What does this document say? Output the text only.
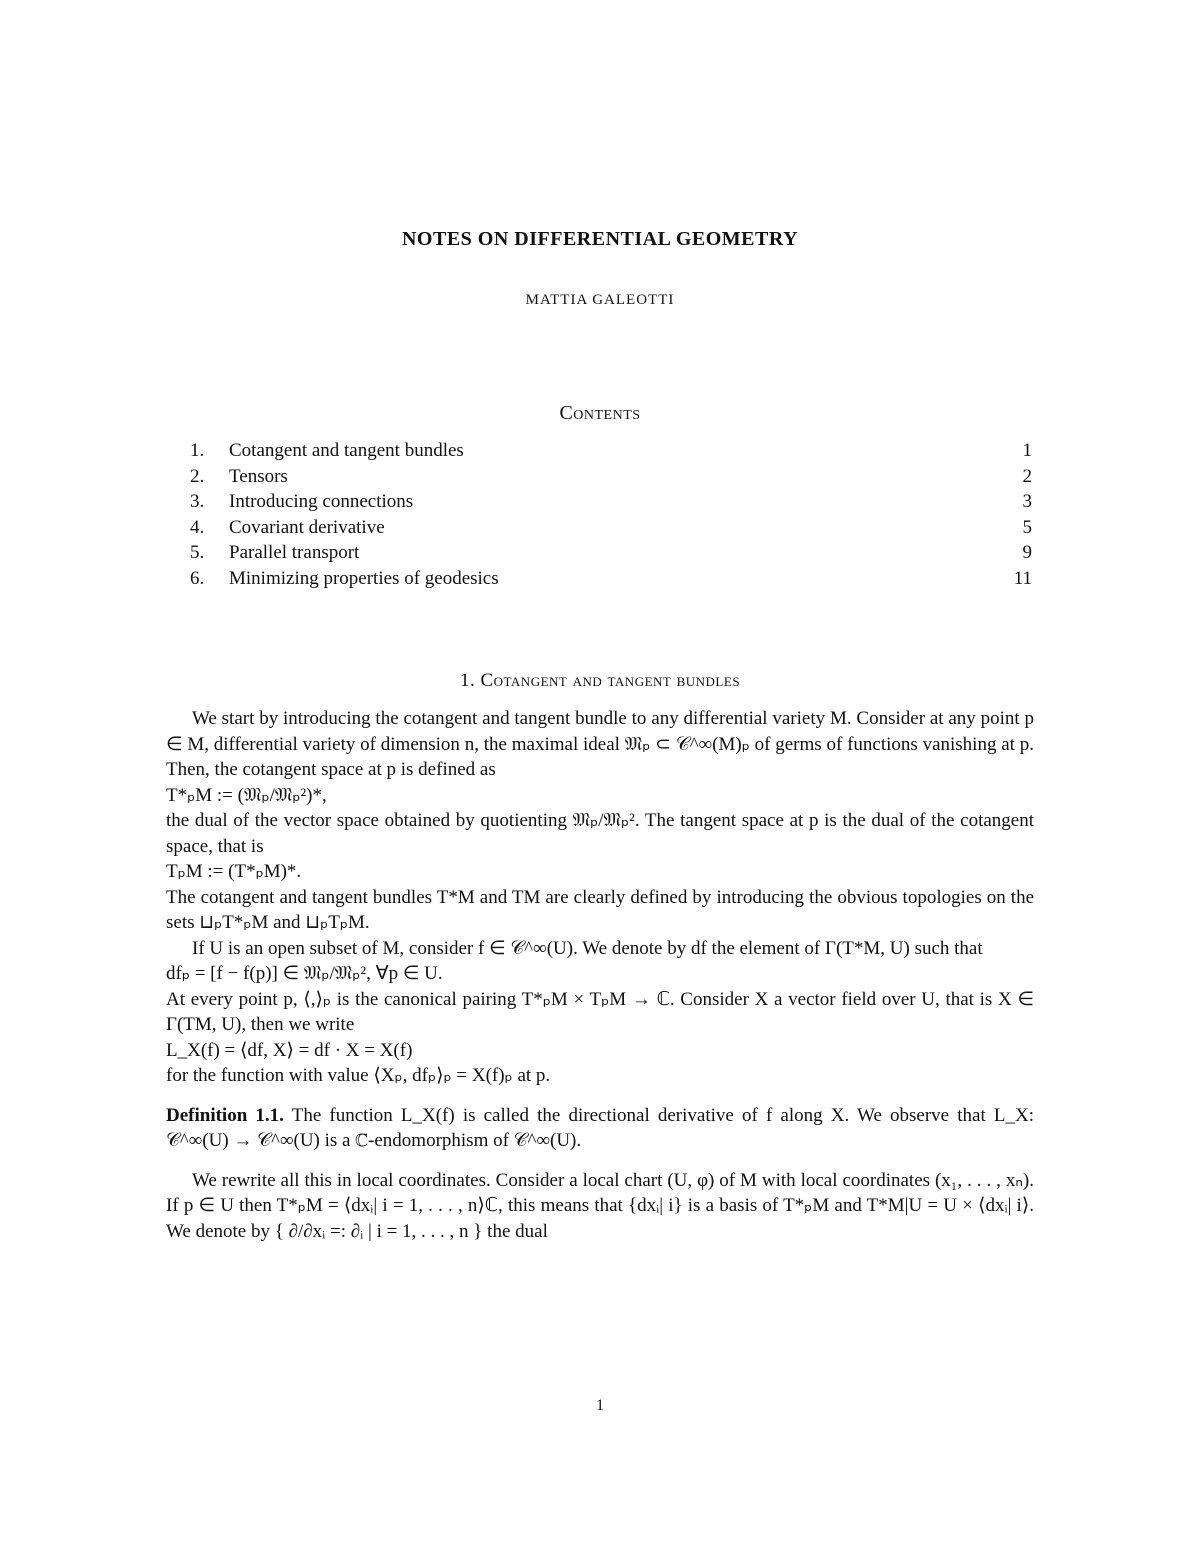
NOTES ON DIFFERENTIAL GEOMETRY
MATTIA GALEOTTI
Contents
1. Cotangent and tangent bundles	1
2. Tensors	2
3. Introducing connections	3
4. Covariant derivative	5
5. Parallel transport	9
6. Minimizing properties of geodesics	11
1. Cotangent and tangent bundles

We start by introducing the cotangent and tangent bundle to any differential variety M. Consider at any point p ∈ M, differential variety of dimension n, the maximal ideal 𝔐ₚ ⊂ 𝒞^∞(M)ₚ of germs of functions vanishing at p. Then, the cotangent space at p is defined as

T*ₚM := (𝔐ₚ/𝔐ₚ²)*,

the dual of the vector space obtained by quotienting 𝔐ₚ/𝔐ₚ². The tangent space at p is the dual of the cotangent space, that is

TₚM := (T*ₚM)*.

The cotangent and tangent bundles T*M and TM are clearly defined by introducing the obvious topologies on the sets ⊔ₚT*ₚM and ⊔ₚTₚM.

If U is an open subset of M, consider f ∈ 𝒞^∞(U). We denote by df the element of Γ(T*M, U) such that

dfₚ = [f − f(p)] ∈ 𝔐ₚ/𝔐ₚ², ∀p ∈ U.

At every point p, ⟨,⟩ₚ is the canonical pairing T*ₚM × TₚM → ℂ. Consider X a vector field over U, that is X ∈ Γ(TM, U), then we write

L_X(f) = ⟨df, X⟩ = df · X = X(f)

for the function with value ⟨Xₚ, dfₚ⟩ₚ = X(f)ₚ at p.

Definition 1.1. The function L_X(f) is called the directional derivative of f along X. We observe that L_X: 𝒞^∞(U) → 𝒞^∞(U) is a ℂ-endomorphism of 𝒞^∞(U).

We rewrite all this in local coordinates. Consider a local chart (U, φ) of M with local coordinates (x₁, . . . , xₙ). If p ∈ U then T*ₚM = ⟨dxᵢ| i = 1, . . . , n⟩ℂ, this means that {dxᵢ| i} is a basis of T*ₚM and T*M|U = U × ⟨dxᵢ| i⟩. We denote by { ∂/∂xᵢ =: ∂ᵢ | i = 1, . . . , n } the dual

1
